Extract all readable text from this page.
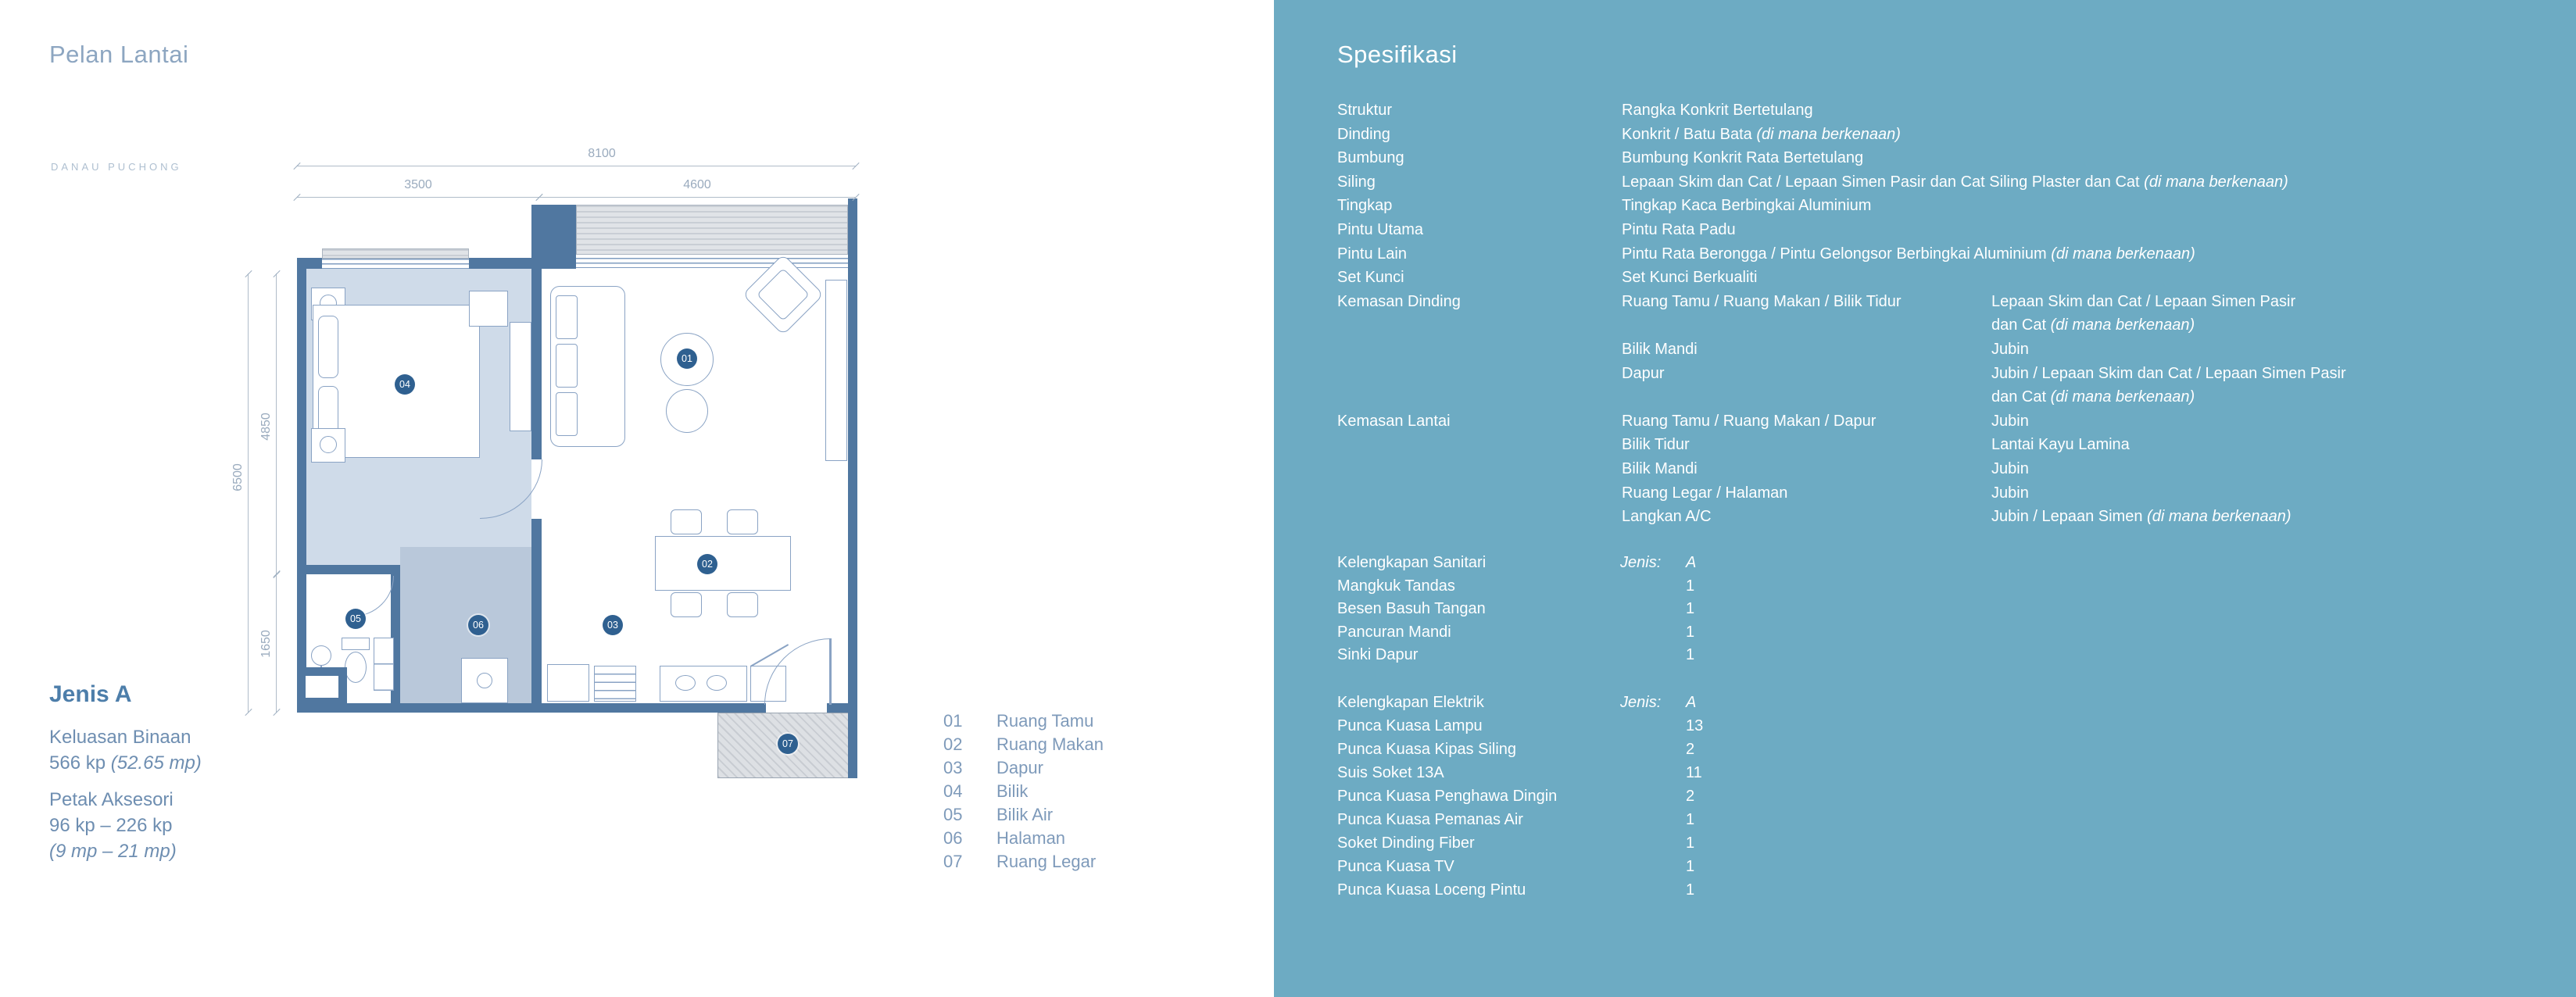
Pelan Lantai
DANAU PUCHONG
8100
3500	4600
6500
4850
1650
01
02
03
04
05
06
07
Jenis A
Keluasan Binaan
566 kp (52.65 mp)
Petak Aksesori
96 kp – 226 kp
(9 mp – 21 mp)
01 Ruang Tamu
02 Ruang Makan
03 Dapur
04 Bilik
05 Bilik Air
06 Halaman
07 Ruang Legar
Spesifikasi
Struktur	Rangka Konkrit Bertetulang
Dinding	Konkrit / Batu Bata (di mana berkenaan)
Bumbung	Bumbung Konkrit Rata Bertetulang
Siling	Lepaan Skim dan Cat / Lepaan Simen Pasir dan Cat Siling Plaster dan Cat (di mana berkenaan)
Tingkap	Tingkap Kaca Berbingkai Aluminium
Pintu Utama	Pintu Rata Padu
Pintu Lain	Pintu Rata Berongga / Pintu Gelongsor Berbingkai Aluminium (di mana berkenaan)
Set Kunci	Set Kunci Berkualiti
Kemasan Dinding	Ruang Tamu / Ruang Makan / Bilik Tidur	Lepaan Skim dan Cat / Lepaan Simen Pasir
dan Cat (di mana berkenaan)
Bilik Mandi	Jubin
Dapur	Jubin / Lepaan Skim dan Cat / Lepaan Simen Pasir
dan Cat (di mana berkenaan)
Kemasan Lantai	Ruang Tamu / Ruang Makan / Dapur	Jubin
Bilik Tidur	Lantai Kayu Lamina
Bilik Mandi	Jubin
Ruang Legar / Halaman	Jubin
Langkan A/C	Jubin / Lepaan Simen (di mana berkenaan)
Kelengkapan Sanitari	Jenis: A
Mangkuk Tandas	1
Besen Basuh Tangan	1
Pancuran Mandi	1
Sinki Dapur	1
Kelengkapan Elektrik	Jenis: A
Punca Kuasa Lampu	13
Punca Kuasa Kipas Siling	2
Suis Soket 13A	11
Punca Kuasa Penghawa Dingin	2
Punca Kuasa Pemanas Air	1
Soket Dinding Fiber	1
Punca Kuasa TV	1
Punca Kuasa Loceng Pintu	1
